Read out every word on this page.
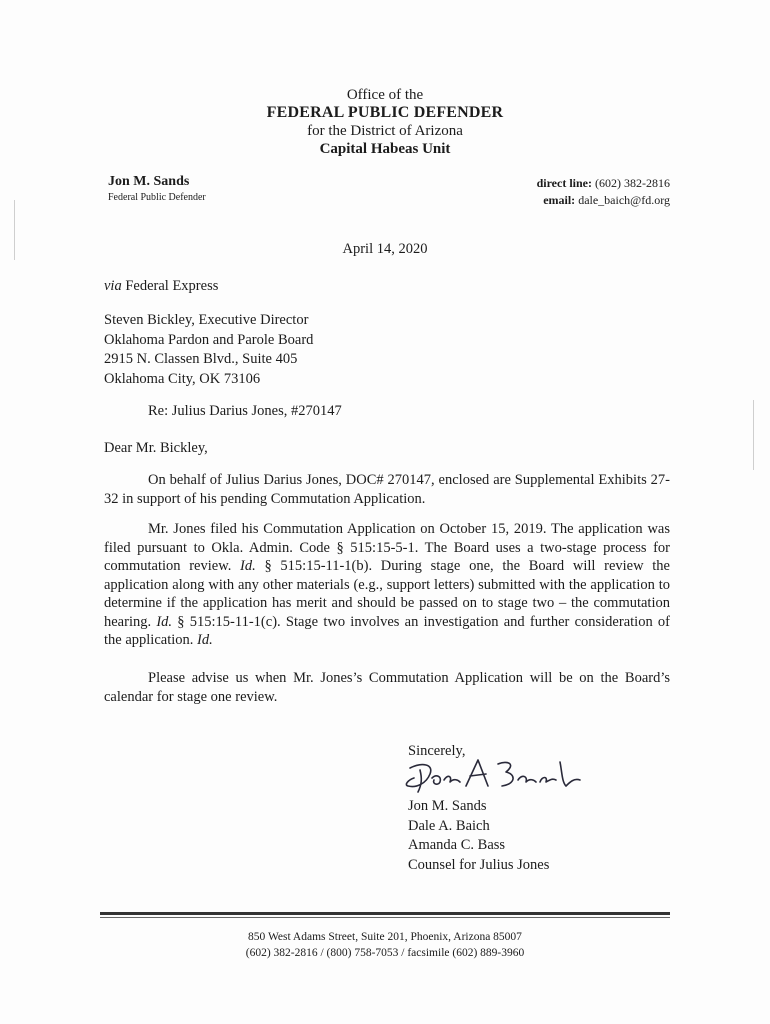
Office of the

FEDERAL PUBLIC DEFENDER

for the District of Arizona

Capital Habeas Unit

Jon M. Sands

Federal Public Defender

direct line: (602) 382-2816
email: dale_baich@fd.org
April 14, 2020

via Federal Express

Steven Bickley, Executive Director
Oklahoma Pardon and Parole Board
2915 N. Classen Blvd., Suite 405
Oklahoma City, OK 73106

Re: Julius Darius Jones, #270147

Dear Mr. Bickley,

On behalf of Julius Darius Jones, DOC# 270147, enclosed are Supplemental Exhibits 27-32 in support of his pending Commutation Application.

Mr. Jones filed his Commutation Application on October 15, 2019. The application was filed pursuant to Okla. Admin. Code § 515:15-5-1. The Board uses a two-stage process for commutation review. Id. § 515:15-11-1(b). During stage one, the Board will review the application along with any other materials (e.g., support letters) submitted with the application to determine if the application has merit and should be passed on to stage two – the commutation hearing. Id. § 515:15-11-1(c). Stage two involves an investigation and further consideration of the application. Id.

Please advise us when Mr. Jones’s Commutation Application will be on the Board’s calendar for stage one review.

Sincerely,

Jon M. Sands
Dale A. Baich
Amanda C. Bass
Counsel for Julius Jones
850 West Adams Street, Suite 201, Phoenix, Arizona 85007
(602) 382-2816 / (800) 758-7053 / facsimile (602) 889-3960
